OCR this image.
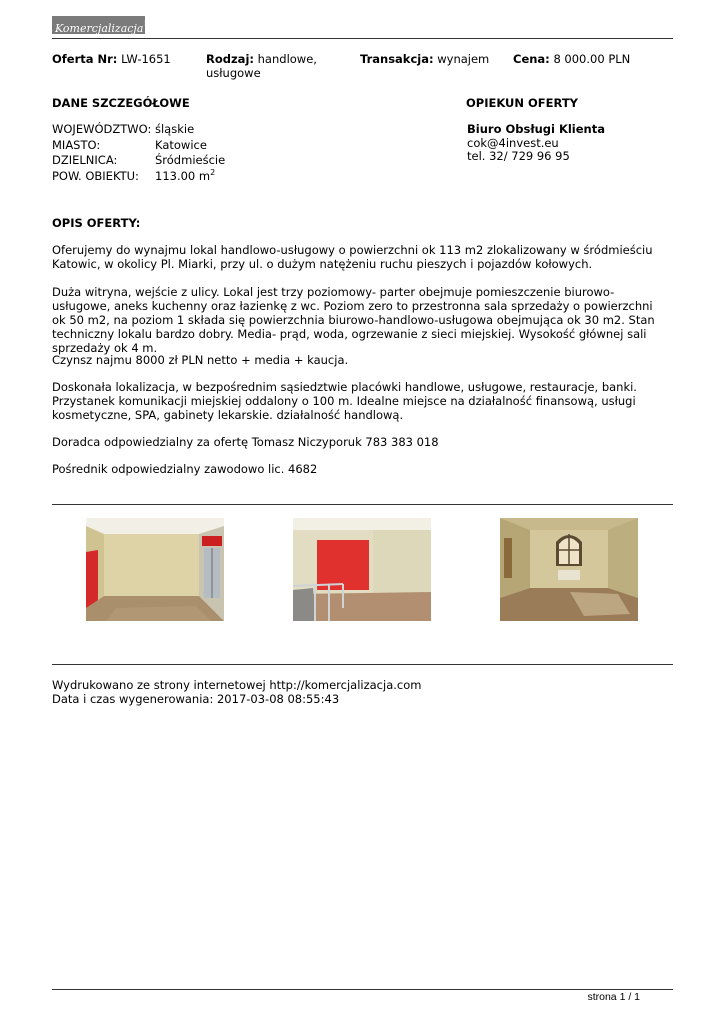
Komercjalizacja$^{biz}$
Oferta Nr: LW-1651	Rodzaj: handlowe,
usługowe
Transakcja: wynajem Cena: 8 000.00 PLN
DANE SZCZEGÓŁOWE
WOJEWÓDZTWO:	śląskie
MIASTO:	Katowice
DZIELNICA:	Śródmieście
POW. OBIEKTU:	113.00 $m^2$
OPIEKUN OFERTY
Biuro Obsługi Klienta
cok@4invest.eu
tel. 32/ 729 96 95
OPIS OFERTY:
Oferujemy do wynajmu lokal handlowo-usługowy o powierzchni ok 113 m2 zlokalizowany w śródmieściu Katowic, w okolicy Pl. Miarki, przy ul. o dużym natężeniu ruchu pieszych i pojazdów kołowych.
Duża witryna, wejście z ulicy. Lokal jest trzy poziomowy- parter obejmuje pomieszczenie biurowo-usługowe, aneks kuchenny oraz łazienkę z wc. Poziom zero to przestronna sala sprzedaży o powierzchni ok 50 m2, na poziom 1 składa się powierzchnia biurowo-handlowo-usługowa obejmująca ok 30 m2. Stan techniczny lokalu bardzo dobry. Media- prąd, woda, ogrzewanie z sieci miejskiej. Wysokość głównej sali sprzedaży ok 4 m.
Czynsz najmu 8000 zł PLN netto + media + kaucja.
Doskonała lokalizacja, w bezpośrednim sąsiedztwie placówki handlowe, usługowe, restauracje, banki. Przystanek komunikacji miejskiej oddalony o 100 m. Idealne miejsce na działalność finansową, usługi kosmetyczne, SPA, gabinety lekarskie. działalność handlową.
Doradca odpowiedzialny za ofertę Tomasz Niczyporuk 783 383 018
Pośrednik odpowiedzialny zawodowo lic. 4682
Wydrukowano ze strony internetowej http://komercjalizacja.com
Data i czas wygenerowania: 2017-03-08 08:55:43
strona 1 / 1
